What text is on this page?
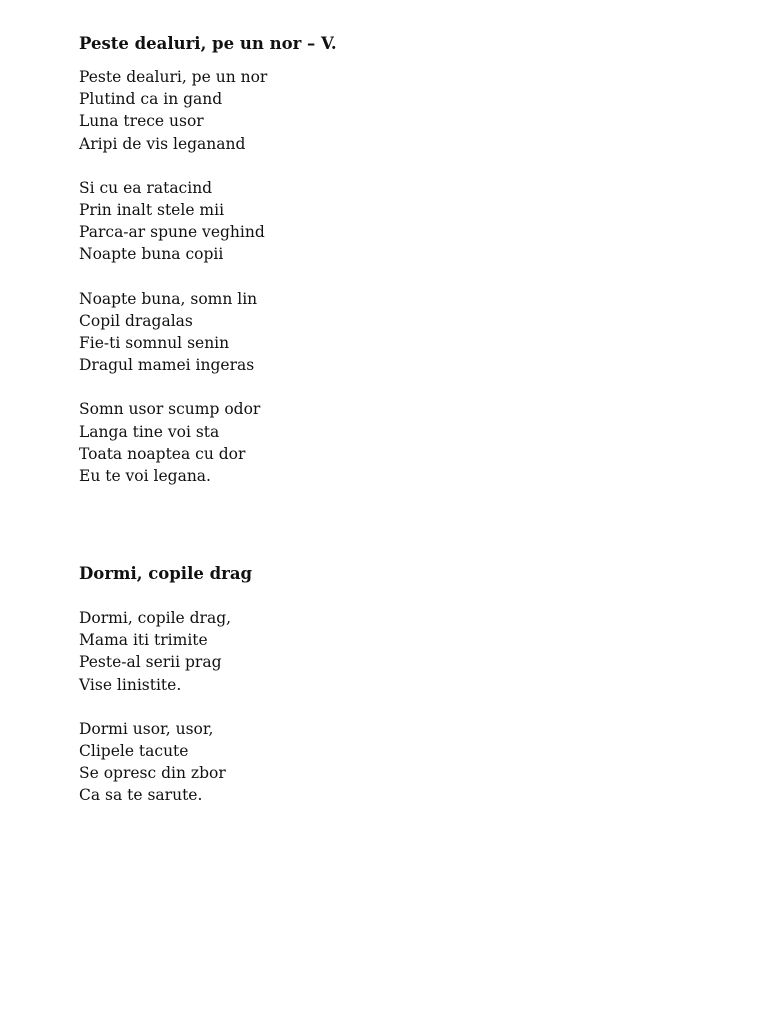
Peste dealuri, pe un nor – V.

Peste dealuri, pe un nor
Plutind ca in gand
Luna trece usor
Aripi de vis leganand
Si cu ea ratacind
Prin inalt stele mii
Parca-ar spune veghind
Noapte buna copii
Noapte buna, somn lin
Copil dragalas
Fie-ti somnul senin
Dragul mamei ingeras
Somn usor scump odor
Langa tine voi sta
Toata noaptea cu dor
Eu te voi legana.

Dormi, copile drag

Dormi, copile drag,
Mama iti trimite
Peste-al serii prag
Vise linistite.
Dormi usor, usor,
Clipele tacute
Se opresc din zbor
Ca sa te sarute.
